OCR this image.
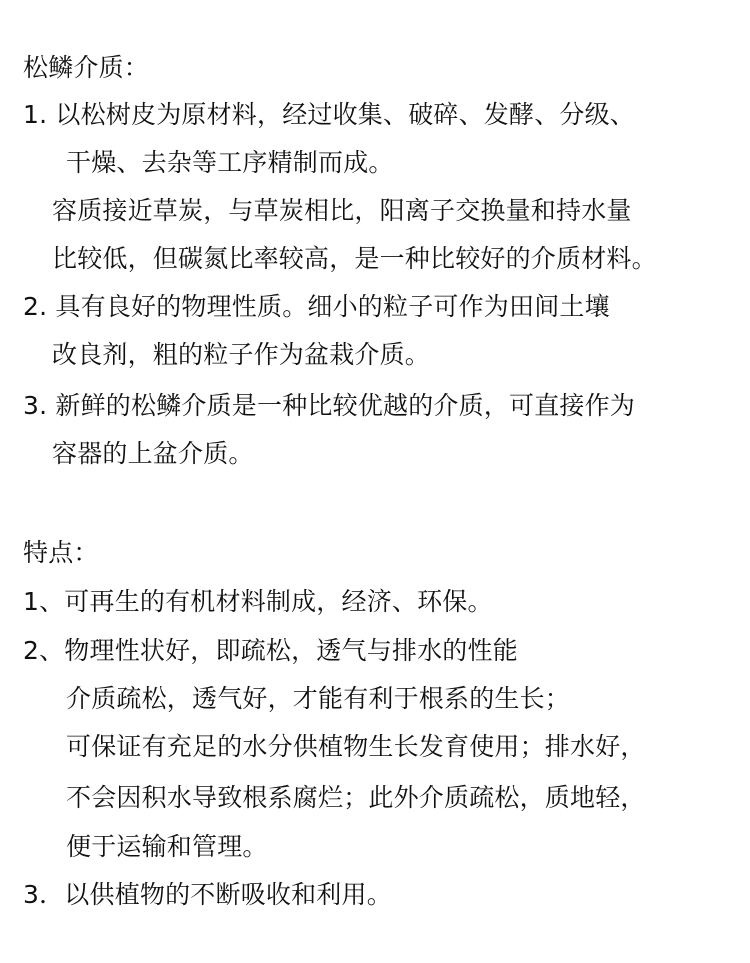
松鳞介质：
1. 以松树皮为原材料，经过收集、破碎、发酵、分级、
干燥、去杂等工序精制而成。
容质接近草炭，与草炭相比，阳离子交换量和持水量
比较低，但碳氮比率较高，是一种比较好的介质材料。
2. 具有良好的物理性质。细小的粒子可作为田间土壤
改良剂，粗的粒子作为盆栽介质。
3. 新鲜的松鳞介质是一种比较优越的介质，可直接作为
容器的上盆介质。
特点：
1、可再生的有机材料制成，经济、环保。
2、物理性状好，即疏松，透气与排水的性能
介质疏松，透气好，才能有利于根系的生长；
可保证有充足的水分供植物生长发育使用；排水好，
不会因积水导致根系腐烂；此外介质疏松，质地轻，
便于运输和管理。
3．以供植物的不断吸收和利用。
